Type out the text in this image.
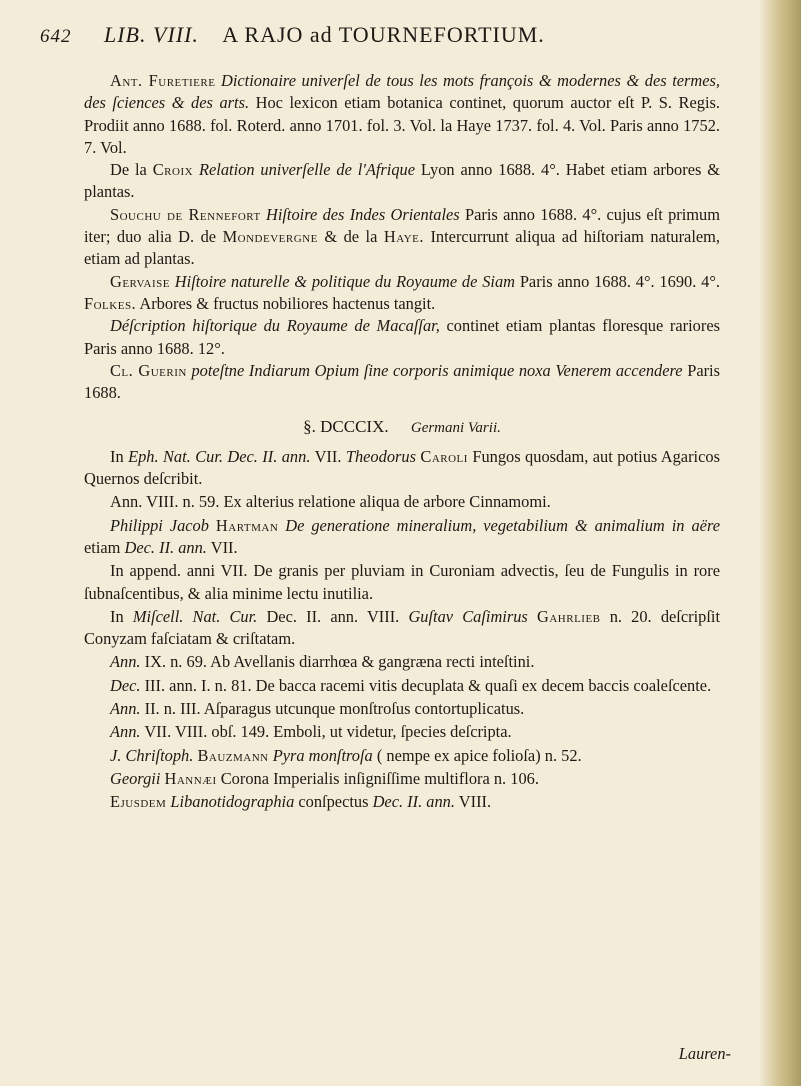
642 LIB. VIII. A RAJO ad TOURNEFORTIUM.

Ant. Furetiere Dictionaire univerſel de tous les mots françois & modernes & des termes, des ſciences & des arts. Hoc lexicon etiam botanica continet, quorum auctor eſt P. S. Regis. Prodiit anno 1688. fol. Roterd. anno 1701. fol. 3. Vol. la Haye 1737. fol. 4. Vol. Paris anno 1752. 7. Vol.

De la Croix Relation univerſelle de l'Afrique Lyon anno 1688. 4°. Habet etiam arbores & plantas.

Souchu de Rennefort Hiſtoire des Indes Orientales Paris anno 1688. 4°. cujus eſt primum iter; duo alia D. de Mondevergne & de la Haye. Intercurrunt aliqua ad hiſtoriam naturalem, etiam ad plantas.

Gervaise Hiſtoire naturelle & politique du Royaume de Siam Paris anno 1688. 4°. 1690. 4°. Folkes. Arbores & fructus nobiliores hactenus tangit.

Déſcription hiſtorique du Royaume de Macaſſar, continet etiam plantas floresque rariores Paris anno 1688. 12°.

Cl. Guerin poteſtne Indiarum Opium ſine corporis animique noxa Venerem accendere Paris 1688.

§. DCCCIX. Germani Varii.

In Eph. Nat. Cur. Dec. II. ann. VII. Theodorus Caroli Fungos quosdam, aut potius Agaricos Quernos deſcribit.

Ann. VIII. n. 59. Ex alterius relatione aliqua de arbore Cinnamomi.

Philippi Jacob Hartman De generatione mineralium, vegetabilium & animalium in aëre etiam Dec. II. ann. VII.

In append. anni VII. De granis per pluviam in Curoniam advectis, ſeu de Fungulis in rore ſubnaſcentibus, & alia minime lectu inutilia.

In Miſcell. Nat. Cur. Dec. II. ann. VIII. Guſtav Caſimirus Gahrlieb n. 20. deſcripſit Conyzam faſciatam & criſtatam.

Ann. IX. n. 69. Ab Avellanis diarrhœa & gangræna recti inteſtini.

Dec. III. ann. I. n. 81. De bacca racemi vitis decuplata & quaſi ex decem baccis coaleſcente.

Ann. II. n. III. Aſparagus utcunque monſtroſus contortuplicatus.

Ann. VII. VIII. obſ. 149. Emboli, ut videtur, ſpecies deſcripta.

J. Chriſtoph. Bauzmann Pyra monſtroſa ( nempe ex apice folioſa) n. 52.

Georgii Hannæi Corona Imperialis inſigniſſime multiflora n. 106.

Ejusdem Libanotidographia conſpectus Dec. II. ann. VIII.

Lauren-
